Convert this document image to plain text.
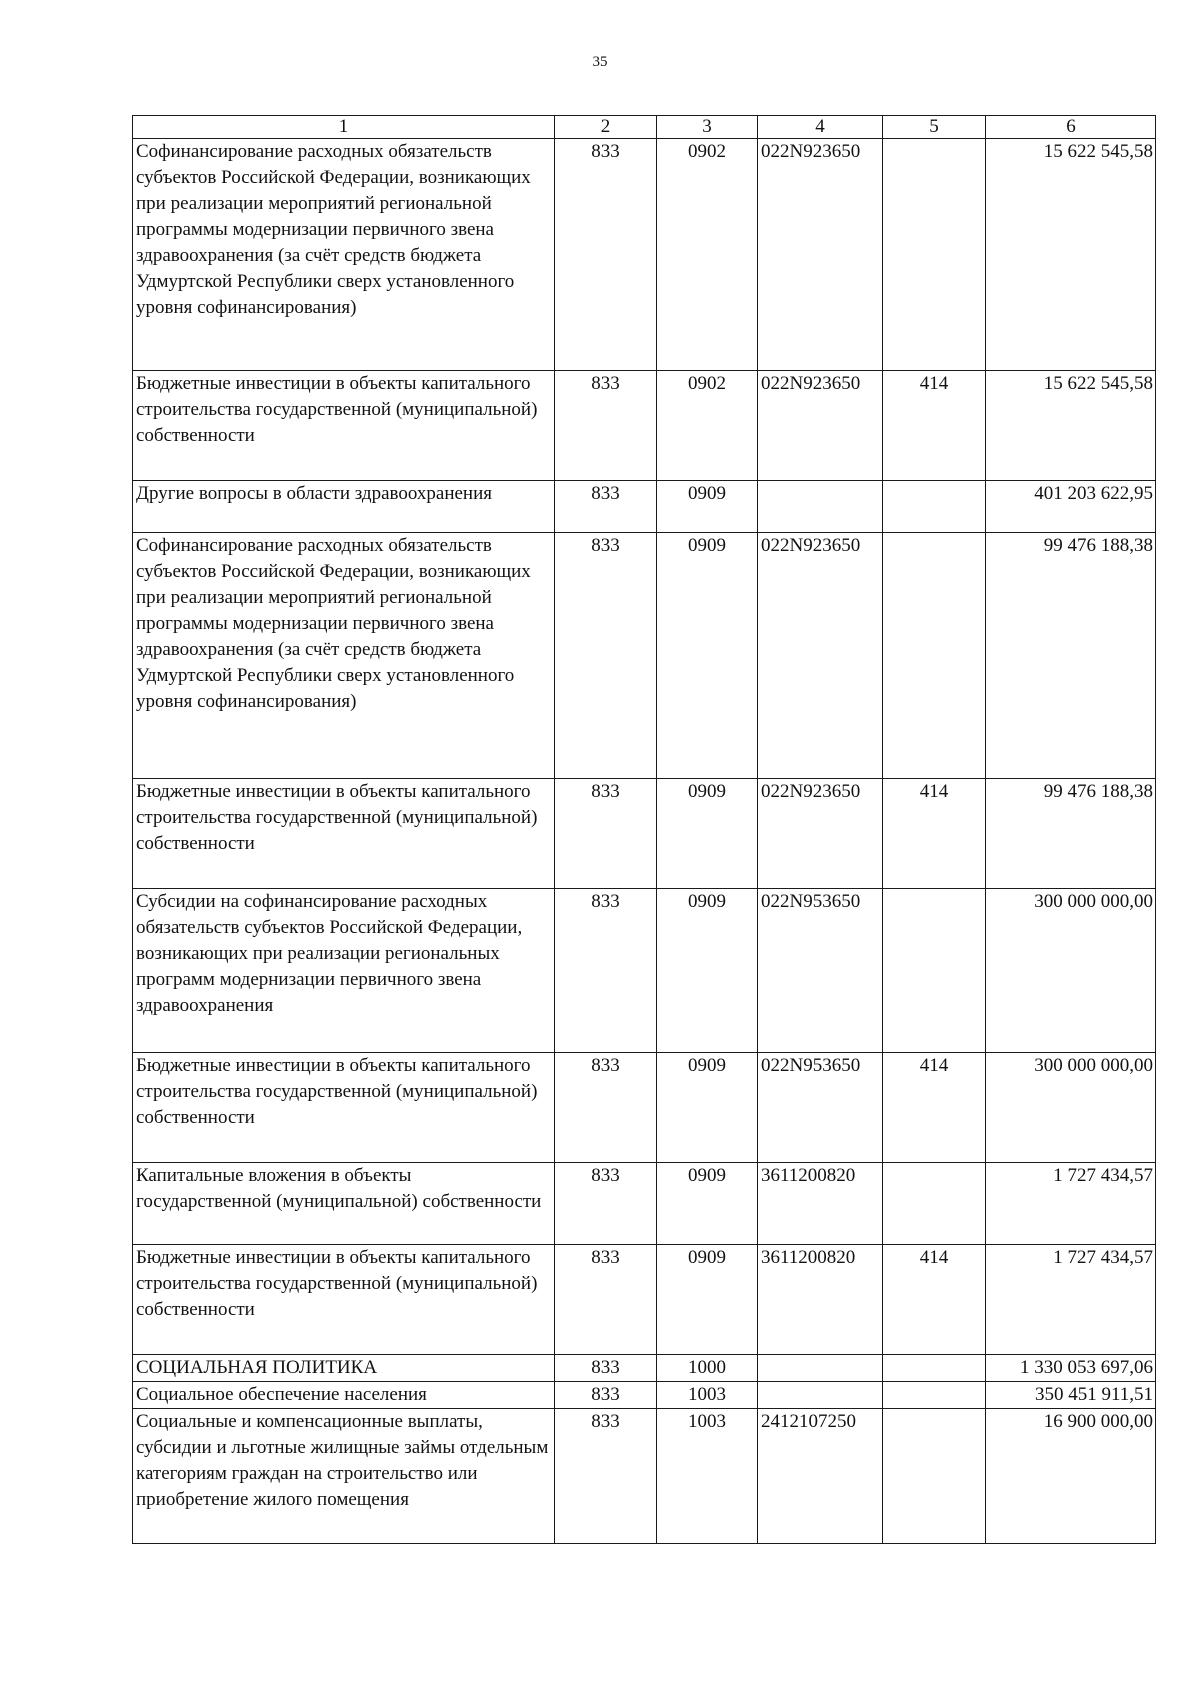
35
1	2	3	4	5	6
Софинансирование расходных обязательств субъектов Российской Федерации, возникающих при реализации мероприятий региональной программы модернизации первичного звена здравоохранения (за счёт средств бюджета Удмуртской Республики сверх установленного уровня софинансирования)	833	0902	022N923650		15 622 545,58
Бюджетные инвестиции в объекты капитального строительства государственной (муниципальной) собственности	833	0902	022N923650	414	15 622 545,58
Другие вопросы в области здравоохранения	833	0909			401 203 622,95
Софинансирование расходных обязательств субъектов Российской Федерации, возникающих при реализации мероприятий региональной программы модернизации первичного звена здравоохранения (за счёт средств бюджета Удмуртской Республики сверх установленного уровня софинансирования)	833	0909	022N923650		99 476 188,38
Бюджетные инвестиции в объекты капитального строительства государственной (муниципальной) собственности	833	0909	022N923650	414	99 476 188,38
Субсидии на софинансирование расходных обязательств субъектов Российской Федерации, возникающих при реализации региональных программ модернизации первичного звена здравоохранения	833	0909	022N953650		300 000 000,00
Бюджетные инвестиции в объекты капитального строительства государственной (муниципальной) собственности	833	0909	022N953650	414	300 000 000,00
Капитальные вложения в объекты государственной (муниципальной) собственности	833	0909	3611200820		1 727 434,57
Бюджетные инвестиции в объекты капитального строительства государственной (муниципальной) собственности	833	0909	3611200820	414	1 727 434,57
СОЦИАЛЬНАЯ ПОЛИТИКА	833	1000			1 330 053 697,06
Социальное обеспечение населения	833	1003			350 451 911,51
Социальные и компенсационные выплаты, субсидии и льготные жилищные займы отдельным категориям граждан на строительство или приобретение жилого помещения	833	1003	2412107250		16 900 000,00
